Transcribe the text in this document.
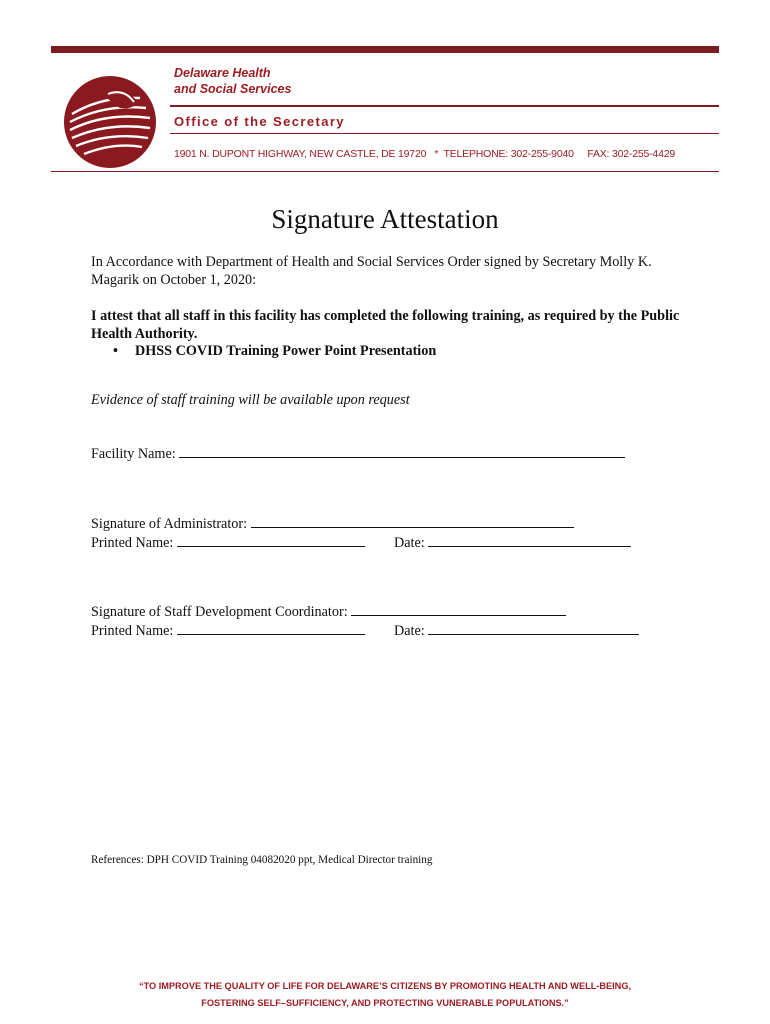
Delaware Health
and Social Services
Office of the Secretary
1901 N. DUPONT HIGHWAY, NEW CASTLE, DE 19720   *  TELEPHONE: 302-255-9040     FAX: 302-255-4429
Signature Attestation
In Accordance with Department of Health and Social Services Order signed by Secretary Molly K. Magarik on October 1, 2020:
I attest that all staff in this facility has completed the following training, as required by the Public Health Authority.
• DHSS COVID Training Power Point Presentation
Evidence of staff training will be available upon request
Facility Name:
Signature of Administrator:
Printed Name:	Date:
Signature of Staff Development Coordinator:
Printed Name:	Date:
References: DPH COVID Training 04082020 ppt, Medical Director training
“TO IMPROVE THE QUALITY OF LIFE FOR DELAWARE’S CITIZENS BY PROMOTING HEALTH AND WELL-BEING,
FOSTERING SELF–SUFFICIENCY, AND PROTECTING VUNERABLE POPULATIONS.”
